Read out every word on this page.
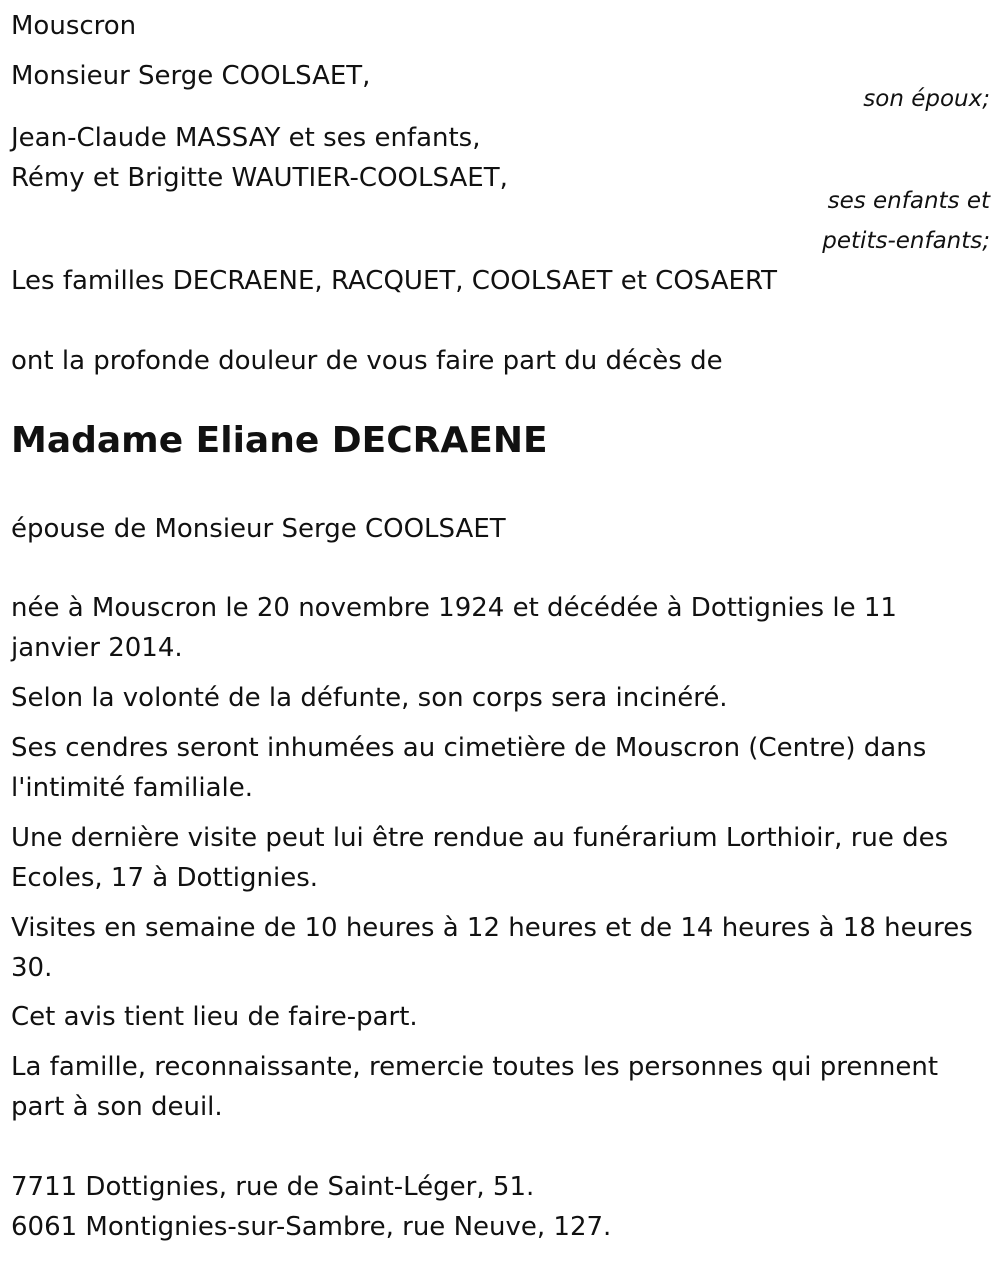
Mouscron

Monsieur Serge COOLSAET,

son époux;

Jean-Claude MASSAY et ses enfants,

Rémy et Brigitte WAUTIER-COOLSAET,

ses enfants et

petits-enfants;

Les familles DECRAENE, RACQUET, COOLSAET et COSAERT

ont la profonde douleur de vous faire part du décès de

Madame Eliane DECRAENE

épouse de Monsieur Serge COOLSAET

née à Mouscron le 20 novembre 1924 et décédée à Dottignies le 11

janvier 2014.

Selon la volonté de la défunte, son corps sera incinéré.

Ses cendres seront inhumées au cimetière de Mouscron (Centre) dans

l'intimité familiale.

Une dernière visite peut lui être rendue au funérarium Lorthioir, rue des

Ecoles, 17 à Dottignies.

Visites en semaine de 10 heures à 12 heures et de 14 heures à 18 heures

30.

Cet avis tient lieu de faire-part.

La famille, reconnaissante, remercie toutes les personnes qui prennent

part à son deuil.

7711 Dottignies, rue de Saint-Léger, 51.

6061 Montignies-sur-Sambre, rue Neuve, 127.
